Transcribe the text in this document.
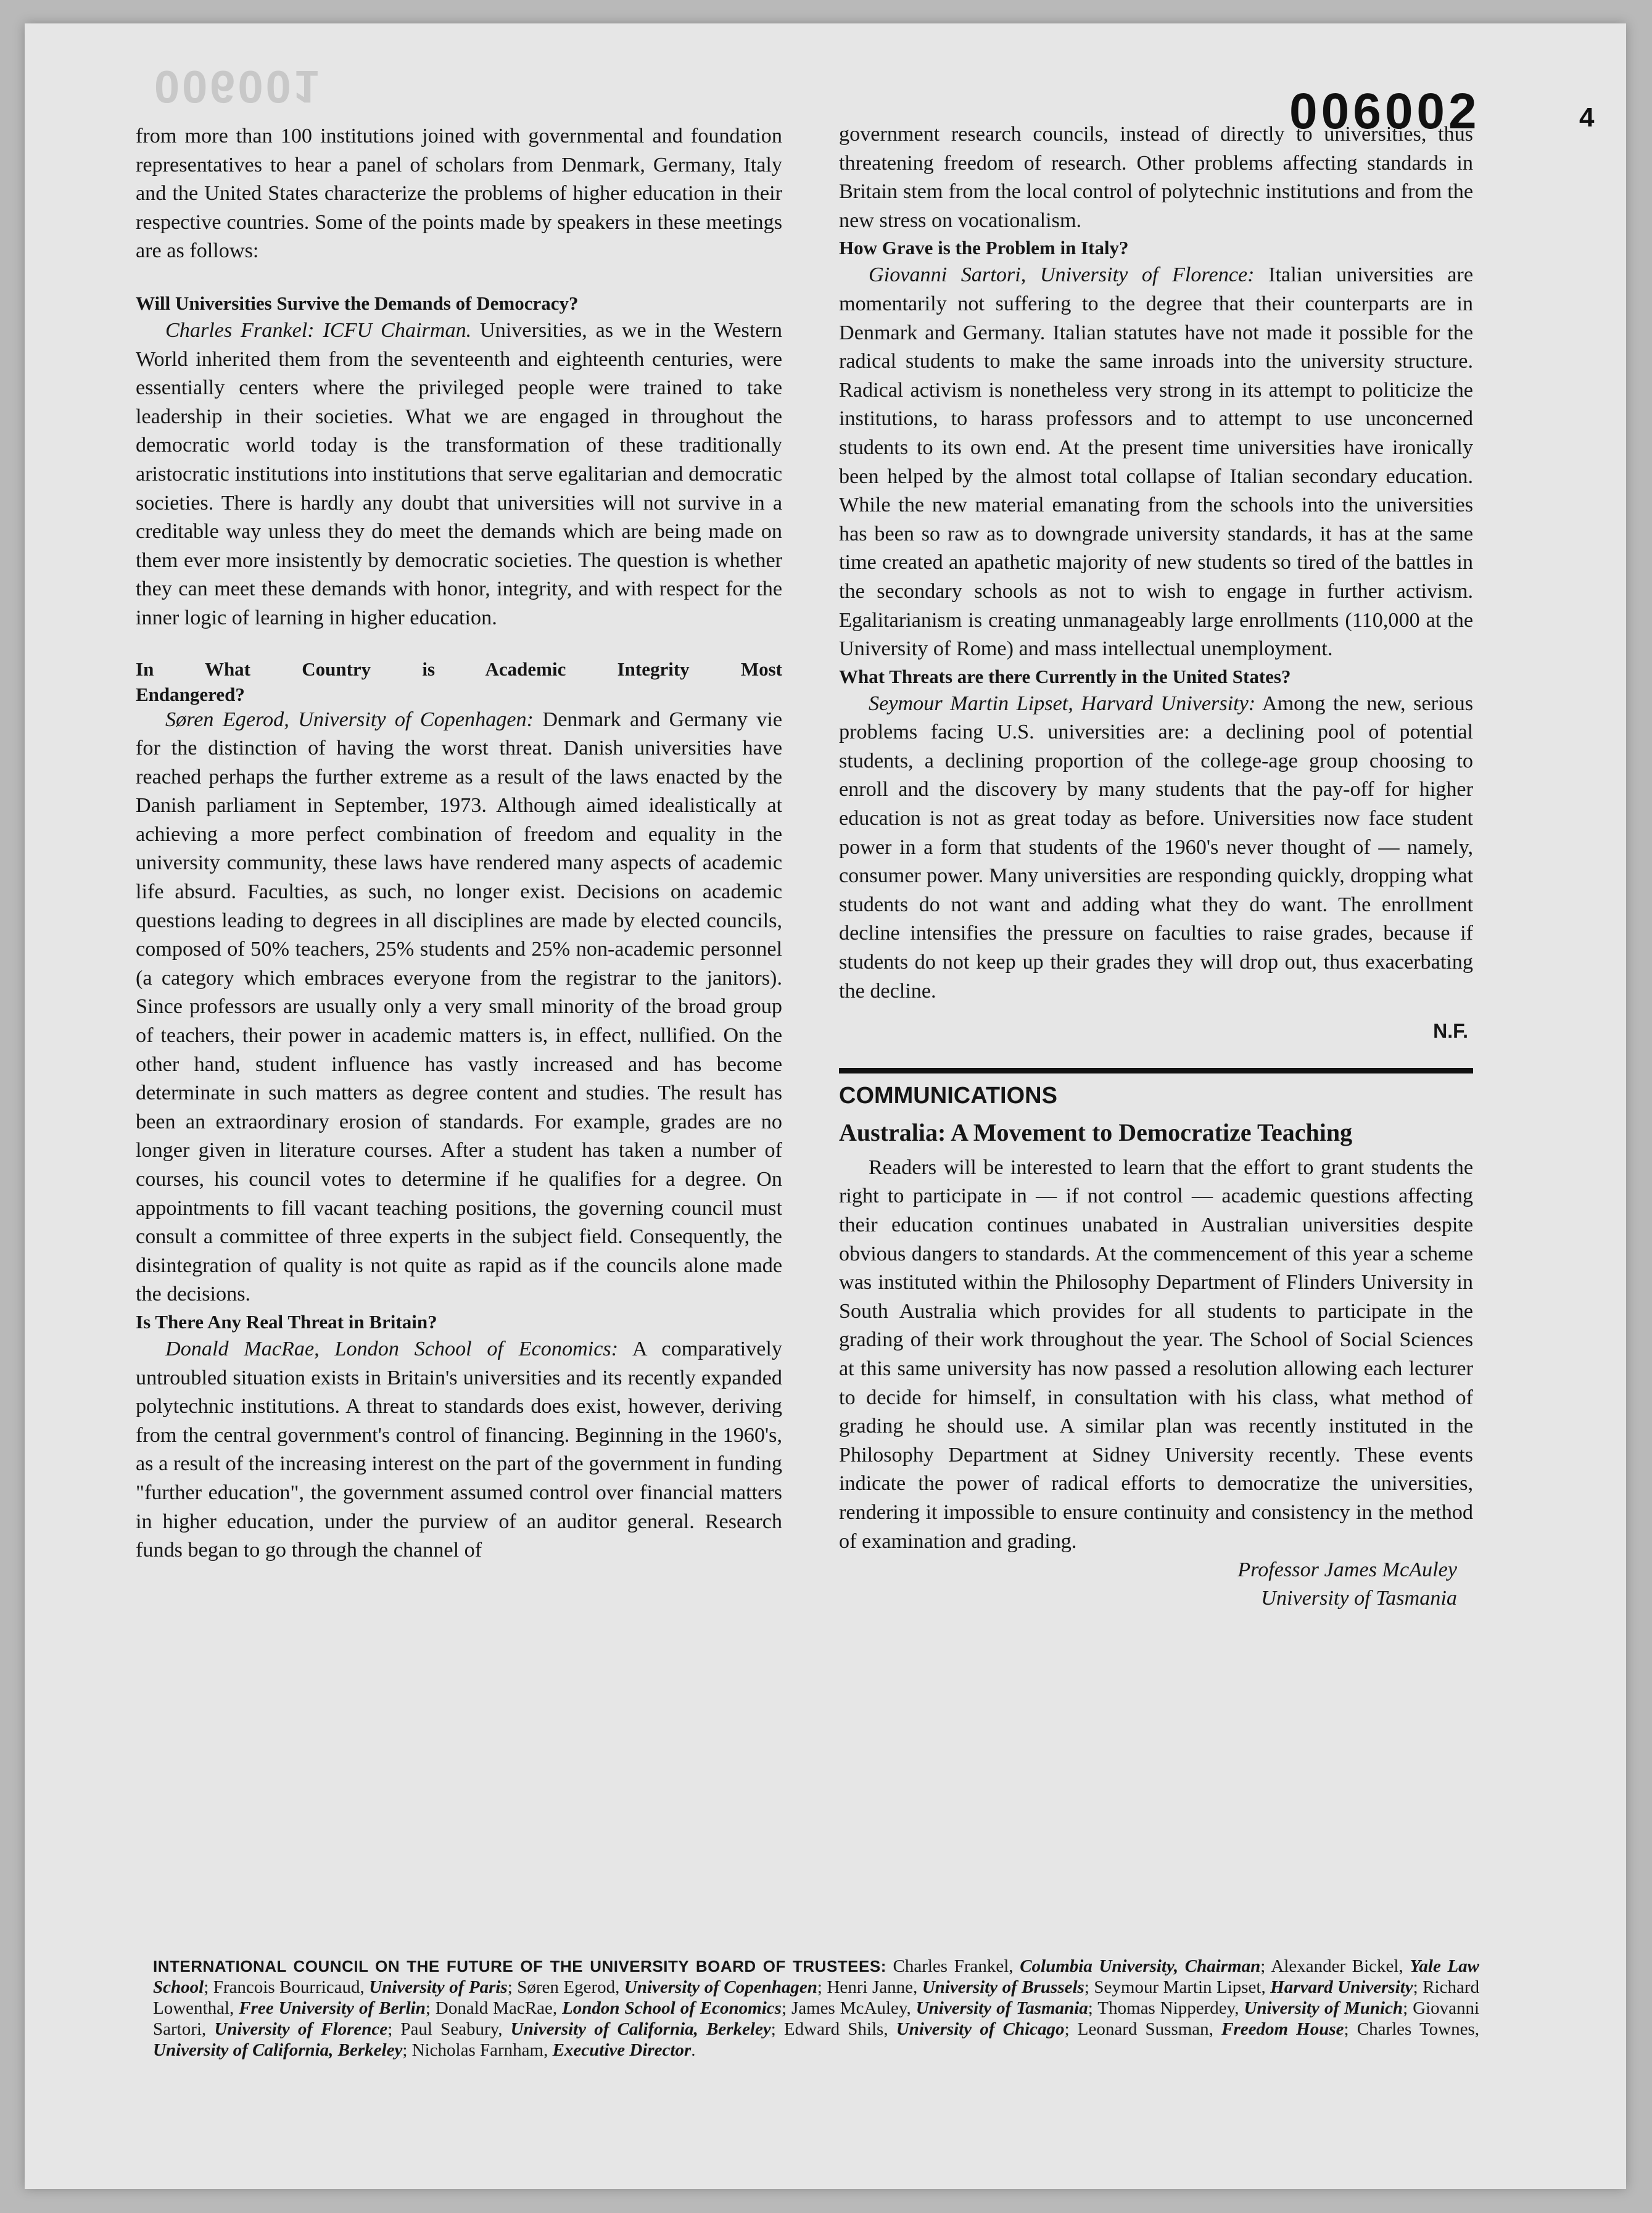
006001	006002	4

from more than 100 institutions joined with governmental and foundation representatives to hear a panel of scholars from Denmark, Germany, Italy and the United States characterize the problems of higher education in their respective countries. Some of the points made by speakers in these meetings are as follows:

Will Universities Survive the Demands of Democracy?

Charles Frankel: ICFU Chairman. Universities, as we in the Western World inherited them from the seventeenth and eighteenth centuries, were essentially centers where the privileged people were trained to take leadership in their societies. What we are engaged in throughout the democratic world today is the transformation of these traditionally aristocratic institutions into institutions that serve egalitarian and democratic societies. There is hardly any doubt that universities will not survive in a creditable way unless they do meet the demands which are being made on them ever more insistently by democratic societies. The question is whether they can meet these demands with honor, integrity, and with respect for the inner logic of learning in higher education.

In What Country is Academic Integrity Most
Endangered?

Søren Egerod, University of Copenhagen: Denmark and Germany vie for the distinction of having the worst threat. Danish universities have reached perhaps the further extreme as a result of the laws enacted by the Danish parliament in September, 1973. Although aimed idealistically at achieving a more perfect combination of freedom and equality in the university community, these laws have rendered many aspects of academic life absurd. Faculties, as such, no longer exist. Decisions on academic questions leading to degrees in all disciplines are made by elected councils, composed of 50% teachers, 25% students and 25% non-academic personnel (a category which embraces everyone from the registrar to the janitors). Since professors are usually only a very small minority of the broad group of teachers, their power in academic matters is, in effect, nullified. On the other hand, student influence has vastly increased and has become determinate in such matters as degree content and studies. The result has been an extraordinary erosion of standards. For example, grades are no longer given in literature courses. After a student has taken a number of courses, his council votes to determine if he qualifies for a degree. On appointments to fill vacant teaching positions, the governing council must consult a committee of three experts in the subject field. Consequently, the disintegration of quality is not quite as rapid as if the councils alone made the decisions.

Is There Any Real Threat in Britain?

Donald MacRae, London School of Economics: A comparatively untroubled situation exists in Britain's universities and its recently expanded polytechnic institutions. A threat to standards does exist, however, deriving from the central government's control of financing. Beginning in the 1960's, as a result of the increasing interest on the part of the government in funding "further education", the government assumed control over financial matters in higher education, under the purview of an auditor general. Research funds began to go through the channel of

government research councils, instead of directly to universities, thus threatening freedom of research. Other problems affecting standards in Britain stem from the local control of polytechnic institutions and from the new stress on vocationalism.

How Grave is the Problem in Italy?

Giovanni Sartori, University of Florence: Italian universities are momentarily not suffering to the degree that their counterparts are in Denmark and Germany. Italian statutes have not made it possible for the radical students to make the same inroads into the university structure. Radical activism is nonetheless very strong in its attempt to politicize the institutions, to harass professors and to attempt to use unconcerned students to its own end. At the present time universities have ironically been helped by the almost total collapse of Italian secondary education. While the new material emanating from the schools into the universities has been so raw as to downgrade university standards, it has at the same time created an apathetic majority of new students so tired of the battles in the secondary schools as not to wish to engage in further activism. Egalitarianism is creating unmanageably large enrollments (110,000 at the University of Rome) and mass intellectual unemployment.

What Threats are there Currently in the United States?

Seymour Martin Lipset, Harvard University: Among the new, serious problems facing U.S. universities are: a declining pool of potential students, a declining proportion of the college-age group choosing to enroll and the discovery by many students that the pay-off for higher education is not as great today as before. Universities now face student power in a form that students of the 1960's never thought of — namely, consumer power. Many universities are responding quickly, dropping what students do not want and adding what they do want. The enrollment decline intensifies the pressure on faculties to raise grades, because if students do not keep up their grades they will drop out, thus exacerbating the decline.

N.F.
COMMUNICATIONS
Australia: A Movement to Democratize Teaching

Readers will be interested to learn that the effort to grant students the right to participate in — if not control — academic questions affecting their education continues unabated in Australian universities despite obvious dangers to standards. At the commencement of this year a scheme was instituted within the Philosophy Department of Flinders University in South Australia which provides for all students to participate in the grading of their work throughout the year. The School of Social Sciences at this same university has now passed a resolution allowing each lecturer to decide for himself, in consultation with his class, what method of grading he should use. A similar plan was recently instituted in the Philosophy Department at Sidney University recently. These events indicate the power of radical efforts to democratize the universities, rendering it impossible to ensure continuity and consistency in the method of examination and grading.

Professor James McAuley
University of Tasmania
INTERNATIONAL COUNCIL ON THE FUTURE OF THE UNIVERSITY BOARD OF TRUSTEES: Charles Frankel, Columbia University, Chairman; Alexander Bickel, Yale Law School; Francois Bourricaud, University of Paris; Søren Egerod, University of Copenhagen; Henri Janne, University of Brussels; Seymour Martin Lipset, Harvard University; Richard Lowenthal, Free University of Berlin; Donald MacRae, London School of Economics; James McAuley, University of Tasmania; Thomas Nipperdey, University of Munich; Giovanni Sartori, University of Florence; Paul Seabury, University of California, Berkeley; Edward Shils, University of Chicago; Leonard Sussman, Freedom House; Charles Townes, University of California, Berkeley; Nicholas Farnham, Executive Director.
